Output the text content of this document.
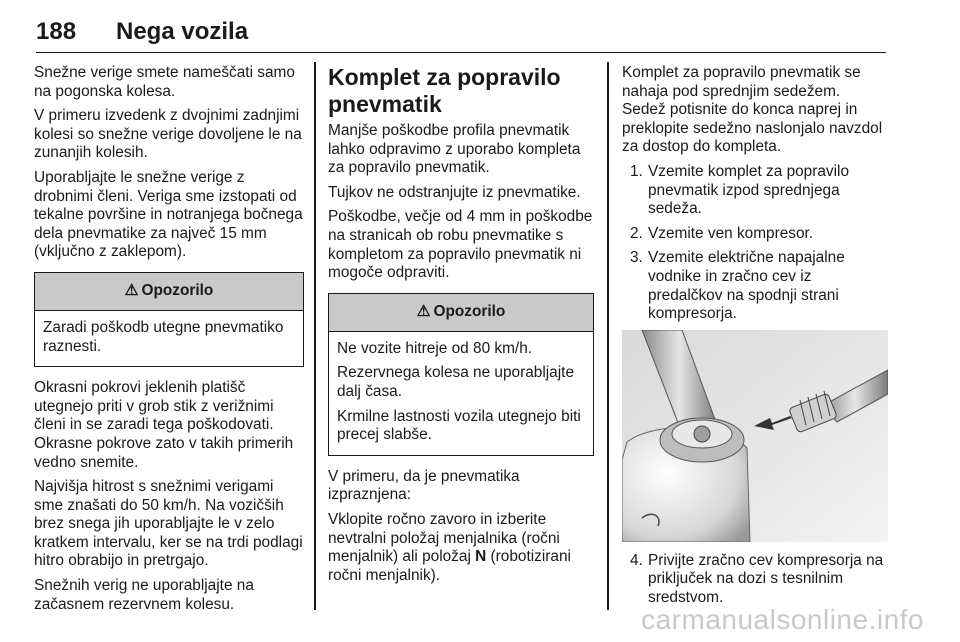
188 Nega vozila

Snežne verige smete nameščati samo na pogonska kolesa.

V primeru izvedenk z dvojnimi zadnjimi kolesi so snežne verige dovoljene le na zunanjih kolesih.

Uporabljajte le snežne verige z drobnimi členi. Veriga sme izstopati od tekalne površine in notranjega bočnega dela pnevmatike za največ 15 mm (vključno z zaklepom).

⚠ Opozorilo

Zaradi poškodb utegne pnevmatiko raznesti.

Okrasni pokrovi jeklenih platišč utegnejo priti v grob stik z verižnimi členi in se zaradi tega poškodovati. Okrasne pokrove zato v takih primerih vedno snemite.

Najvišja hitrost s snežnimi verigami sme znašati do 50 km/h. Na vozičših brez snega jih uporabljajte le v zelo kratkem intervalu, ker se na trdi podlagi hitro obrabijo in pretrgajo.

Snežnih verig ne uporabljajte na začasnem rezervnem kolesu.

Komplet za popravilo pnevmatik

Manjše poškodbe profila pnevmatik lahko odpravimo z uporabo kompleta za popravilo pnevmatik.

Tujkov ne odstranjujte iz pnevmatike.

Poškodbe, večje od 4 mm in poškodbe na stranicah ob robu pnevmatike s kompletom za popravilo pnevmatik ni mogoče odpraviti.

⚠ Opozorilo

Ne vozite hitreje od 80 km/h.

Rezervnega kolesa ne uporabljajte dalj časa.

Krmilne lastnosti vozila utegnejo biti precej slabše.

V primeru, da je pnevmatika izpraznjena:

Vklopite ročno zavoro in izberite nevtralni položaj menjalnika (ročni menjalnik) ali položaj N (robotizirani ročni menjalnik).

Komplet za popravilo pnevmatik se nahaja pod sprednjim sedežem. Sedež potisnite do konca naprej in preklopite sedežno naslonjalo navzdol za dostop do kompleta.

1. Vzemite komplet za popravilo pnevmatik izpod sprednjega sedeža.
2. Vzemite ven kompresor.
3. Vzemite električne napajalne vodnike in zračno cev iz predalčkov na spodnji strani kompresorja.
4. Privijte zračno cev kompresorja na priključek na dozi s tesnilnim sredstvom.
carmanualsonline.info
